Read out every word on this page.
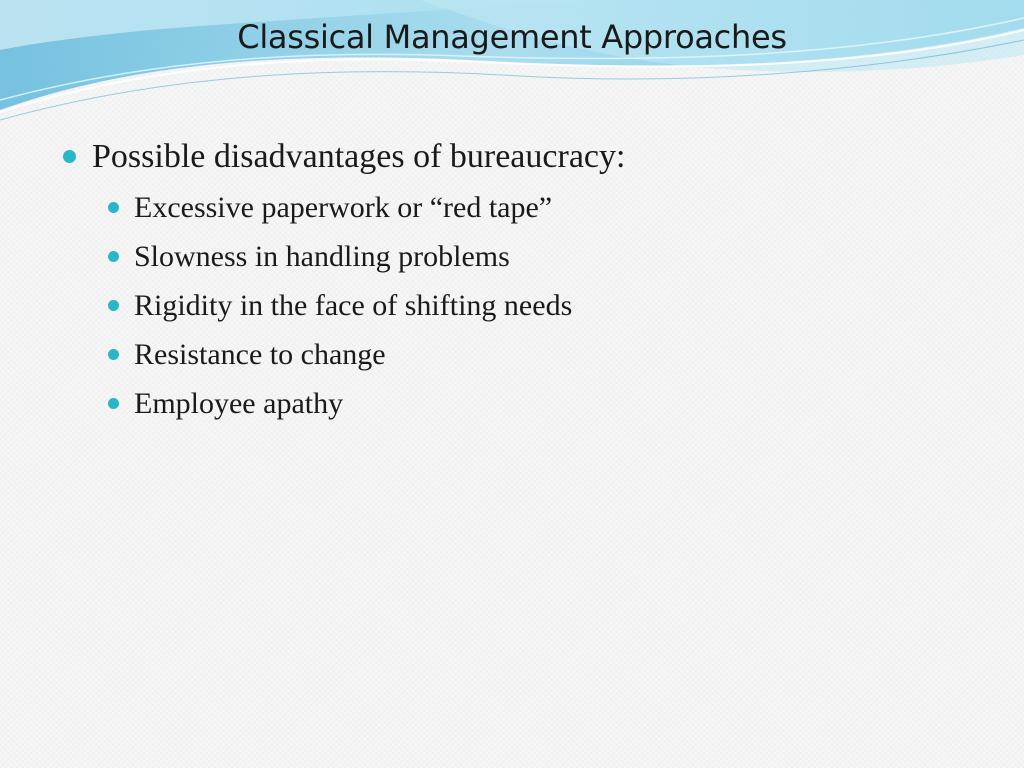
Classical Management Approaches
Possible disadvantages of bureaucracy:
Excessive paperwork or “red tape”
Slowness in handling problems
Rigidity in the face of shifting needs
Resistance to change
Employee apathy
